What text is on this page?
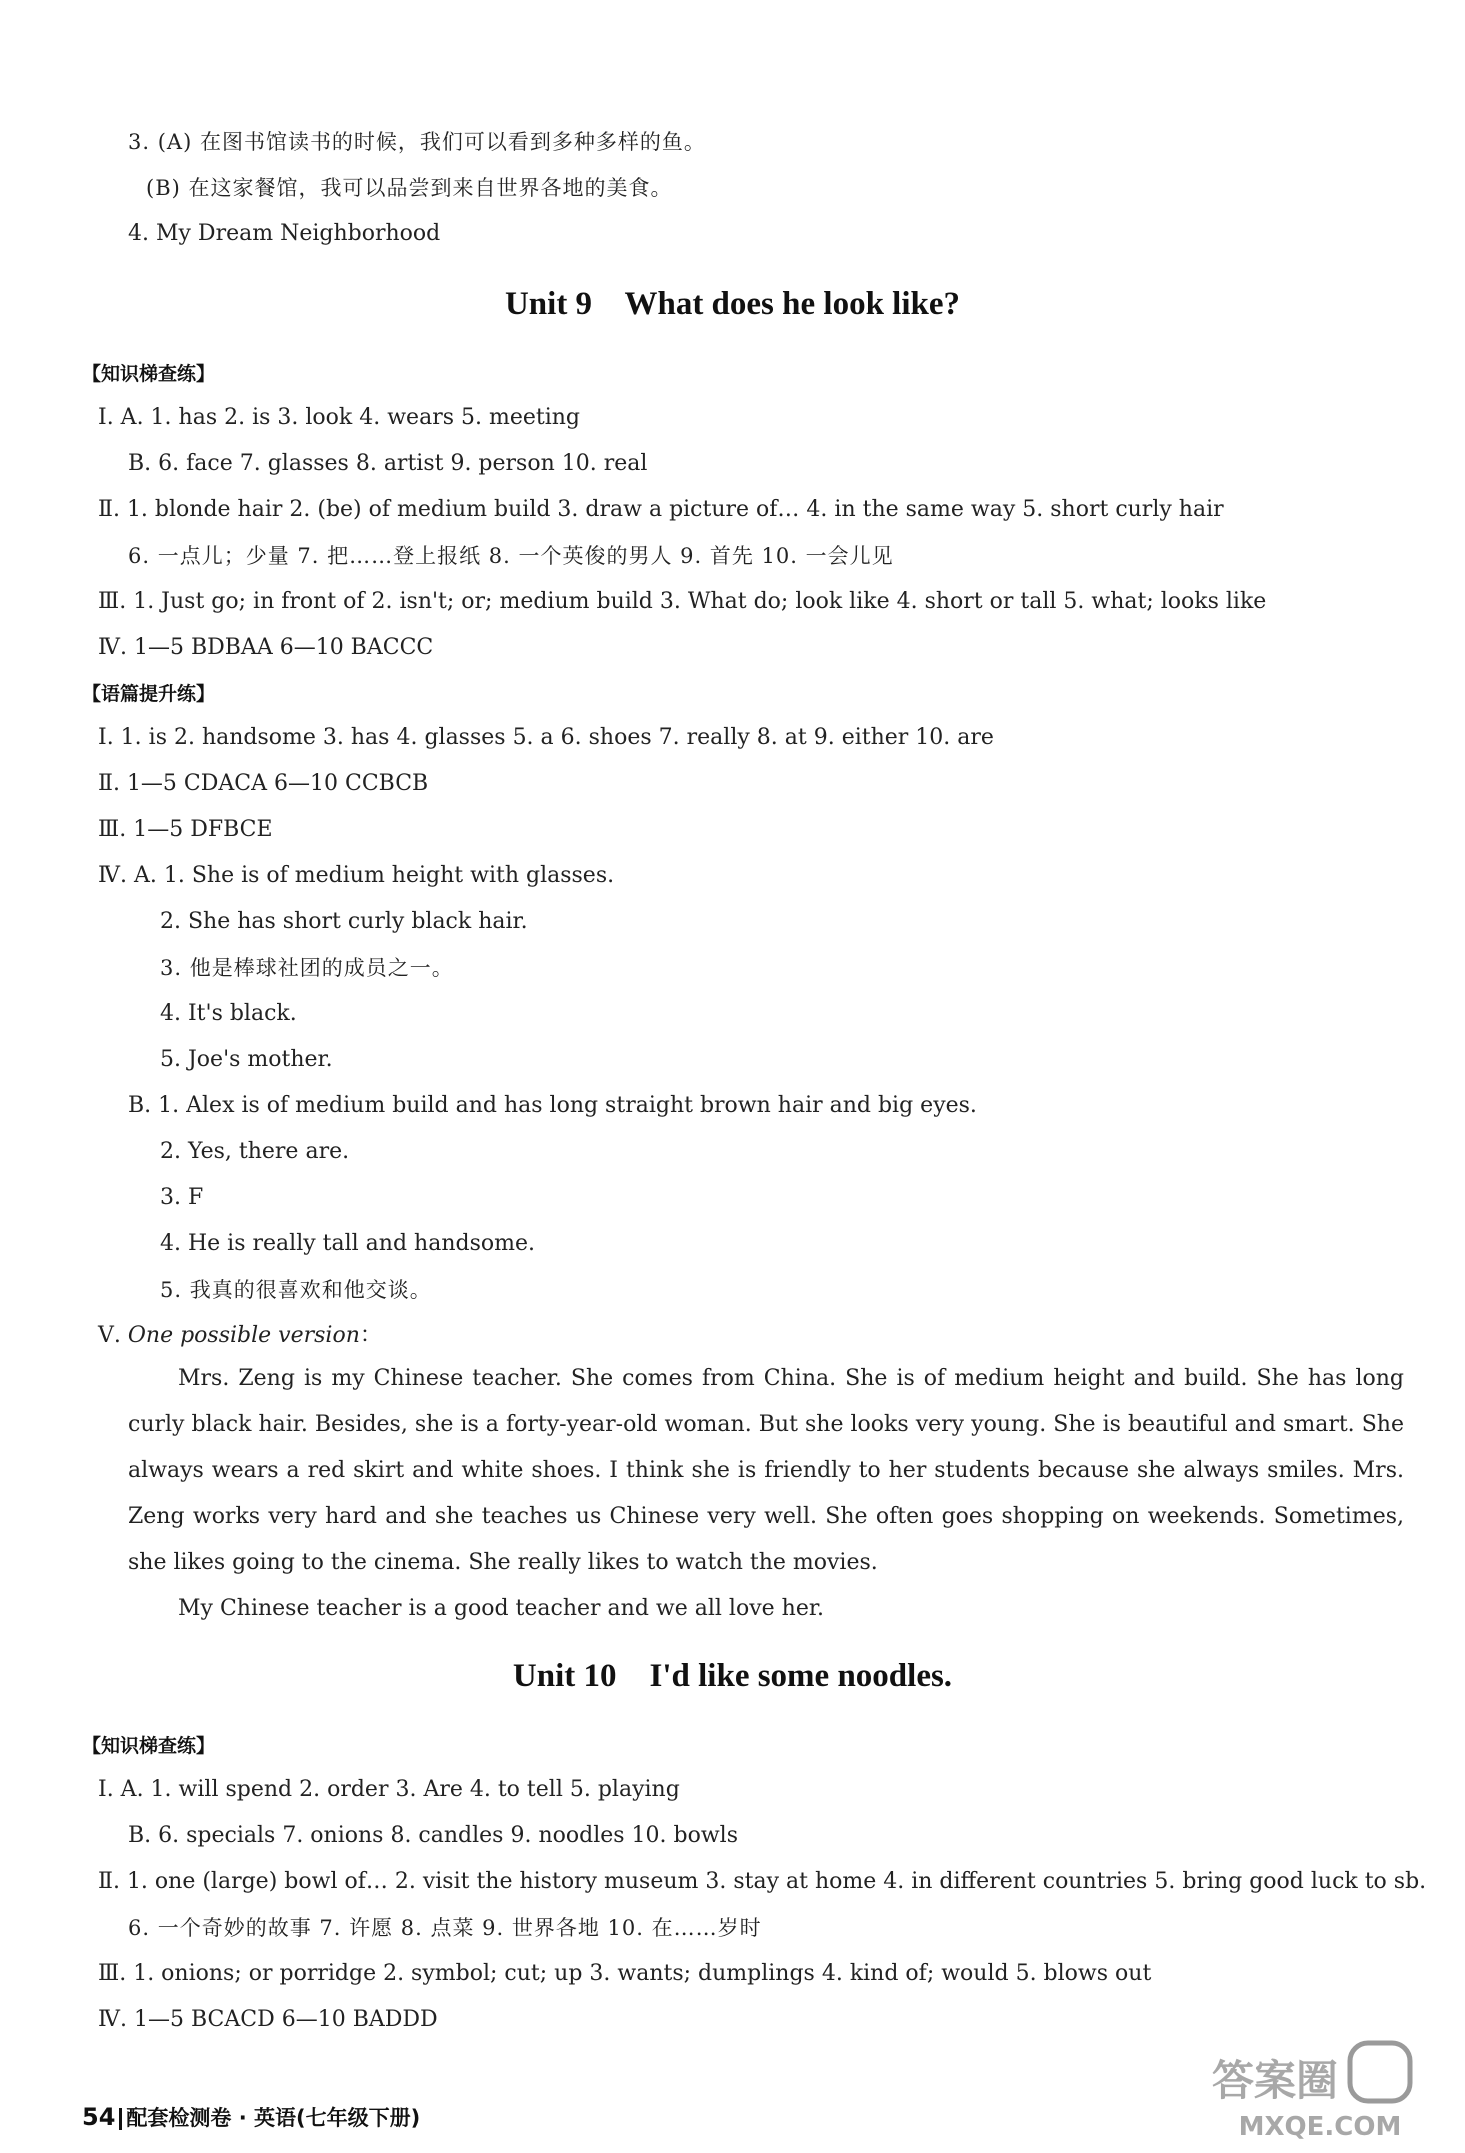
3. (A) 在图书馆读书的时候，我们可以看到多种多样的鱼。
(B) 在这家餐馆，我可以品尝到来自世界各地的美食。
4. My Dream Neighborhood
Unit 9    What does he look like?
【知识梯查练】
Ⅰ. A. 1. has 2. is 3. look 4. wears 5. meeting
B. 6. face 7. glasses 8. artist 9. person 10. real
Ⅱ. 1. blonde hair 2. (be) of medium build 3. draw a picture of… 4. in the same way 5. short curly hair
6. 一点儿；少量 7. 把……登上报纸 8. 一个英俊的男人 9. 首先 10. 一会儿见
Ⅲ. 1. Just go; in front of 2. isn't; or; medium build 3. What do; look like 4. short or tall 5. what; looks like
Ⅳ. 1—5 BDBAA 6—10 BACCC
【语篇提升练】
Ⅰ. 1. is 2. handsome 3. has 4. glasses 5. a 6. shoes 7. really 8. at 9. either 10. are
Ⅱ. 1—5 CDACA 6—10 CCBCB
Ⅲ. 1—5 DFBCE
Ⅳ. A. 1. She is of medium height with glasses.
2. She has short curly black hair.
3. 他是棒球社团的成员之一。
4. It's black.
5. Joe's mother.
B. 1. Alex is of medium build and has long straight brown hair and big eyes.
2. Yes, there are.
3. F
4. He is really tall and handsome.
5. 我真的很喜欢和他交谈。
Ⅴ. One possible version：
Mrs. Zeng is my Chinese teacher. She comes from China. She is of medium height and build. She has long curly black hair. Besides, she is a forty-year-old woman. But she looks very young. She is beautiful and smart. She always wears a red skirt and white shoes. I think she is friendly to her students because she always smiles. Mrs. Zeng works very hard and she teaches us Chinese very well. She often goes shopping on weekends. Sometimes, she likes going to the cinema. She really likes to watch the movies.
My Chinese teacher is a good teacher and we all love her.
Unit 10    I'd like some noodles.
【知识梯查练】
Ⅰ. A. 1. will spend 2. order 3. Are 4. to tell 5. playing
B. 6. specials 7. onions 8. candles 9. noodles 10. bowls
Ⅱ. 1. one (large) bowl of… 2. visit the history museum 3. stay at home 4. in different countries 5. bring good luck to sb.
6. 一个奇妙的故事 7. 许愿 8. 点菜 9. 世界各地 10. 在……岁时
Ⅲ. 1. onions; or porridge 2. symbol; cut; up 3. wants; dumplings 4. kind of; would 5. blows out
Ⅳ. 1—5 BCACD 6—10 BADDD
54 配套检测卷 · 英语(七年级下册)
答案圈
MXQE.COM
